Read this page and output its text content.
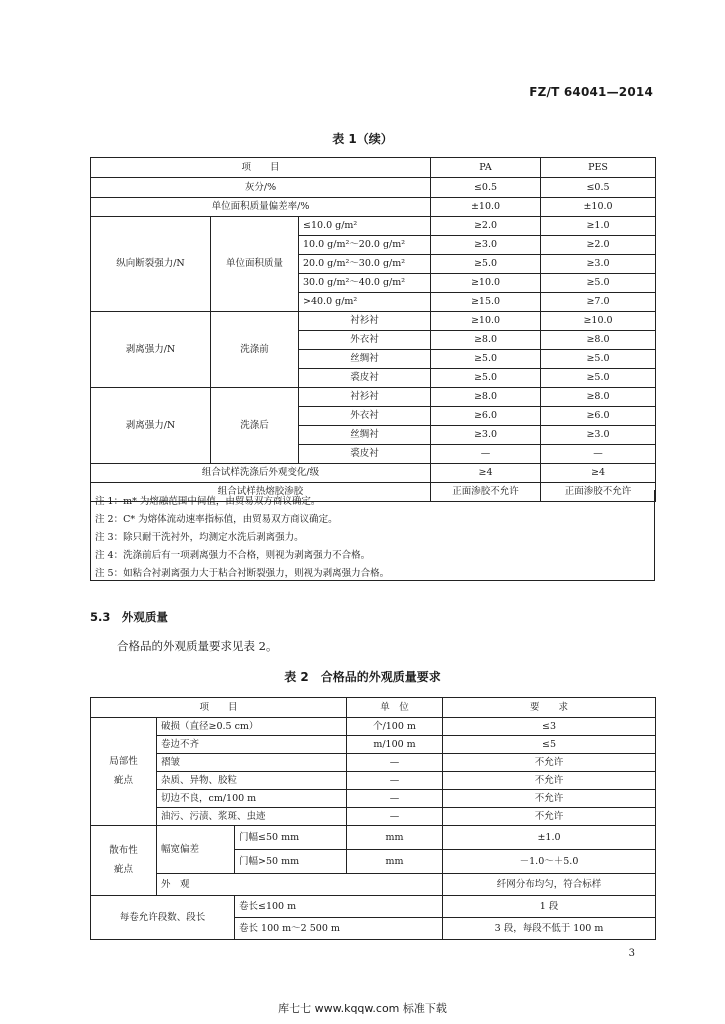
FZ/T 64041—2014
表 1（续）
项　　目			PA	PES
灰分/%			≤0.5	≤0.5
单位面积质量偏差率/%			±10.0	±10.0
纵向断裂强力/N	单位面积质量	≤10.0 g/m²	≥2.0	≥1.0
		10.0 g/m²～20.0 g/m²	≥3.0	≥2.0
		20.0 g/m²～30.0 g/m²	≥5.0	≥3.0
		30.0 g/m²～40.0 g/m²	≥10.0	≥5.0
		>40.0 g/m²	≥15.0	≥7.0
剥离强力/N	洗涤前	衬衫衬	≥10.0	≥10.0
		外衣衬	≥8.0	≥8.0
		丝绸衬	≥5.0	≥5.0
		裘皮衬	≥5.0	≥5.0
剥离强力/N	洗涤后	衬衫衬	≥8.0	≥8.0
		外衣衬	≥6.0	≥6.0
		丝绸衬	≥3.0	≥3.0
		裘皮衬	—	—
组合试样洗涤后外观变化/级			≥4	≥4
组合试样热熔胶渗胶			正面渗胶不允许	正面渗胶不允许
注 1：m* 为熔融范围中间值，由贸易双方商议确定。
注 2：C* 为熔体流动速率指标值，由贸易双方商议确定。
注 3：除只耐干洗衬外，均测定水洗后剥离强力。
注 4：洗涤前后有一项剥离强力不合格，则视为剥离强力不合格。
注 5：如粘合衬剥离强力大于粘合衬断裂强力，则视为剥离强力合格。
5.3　外观质量
合格品的外观质量要求见表 2。
表 2　合格品的外观质量要求
项　　目			单　位	要　　求
局部性疵点	破损（直径≥0.5 cm）		个/100 m	≤3
	卷边不齐		m/100 m	≤5
	褶皱		—	不允许
	杂质、异物、胶粒		—	不允许
	切边不良，cm/100 m		—	不允许
	油污、污渍、浆斑、虫迹		—	不允许
散布性疵点	幅宽偏差	门幅≤50 mm	mm	±1.0
		门幅>50 mm	mm	－1.0～＋5.0
	外　观			纤网分布均匀，符合标样
每卷允许段数、段长		卷长≤100 m		1 段
		卷长 100 m～2 500 m		3 段，每段不低于 100 m
3
库七七 www.kqqw.com 标准下载
